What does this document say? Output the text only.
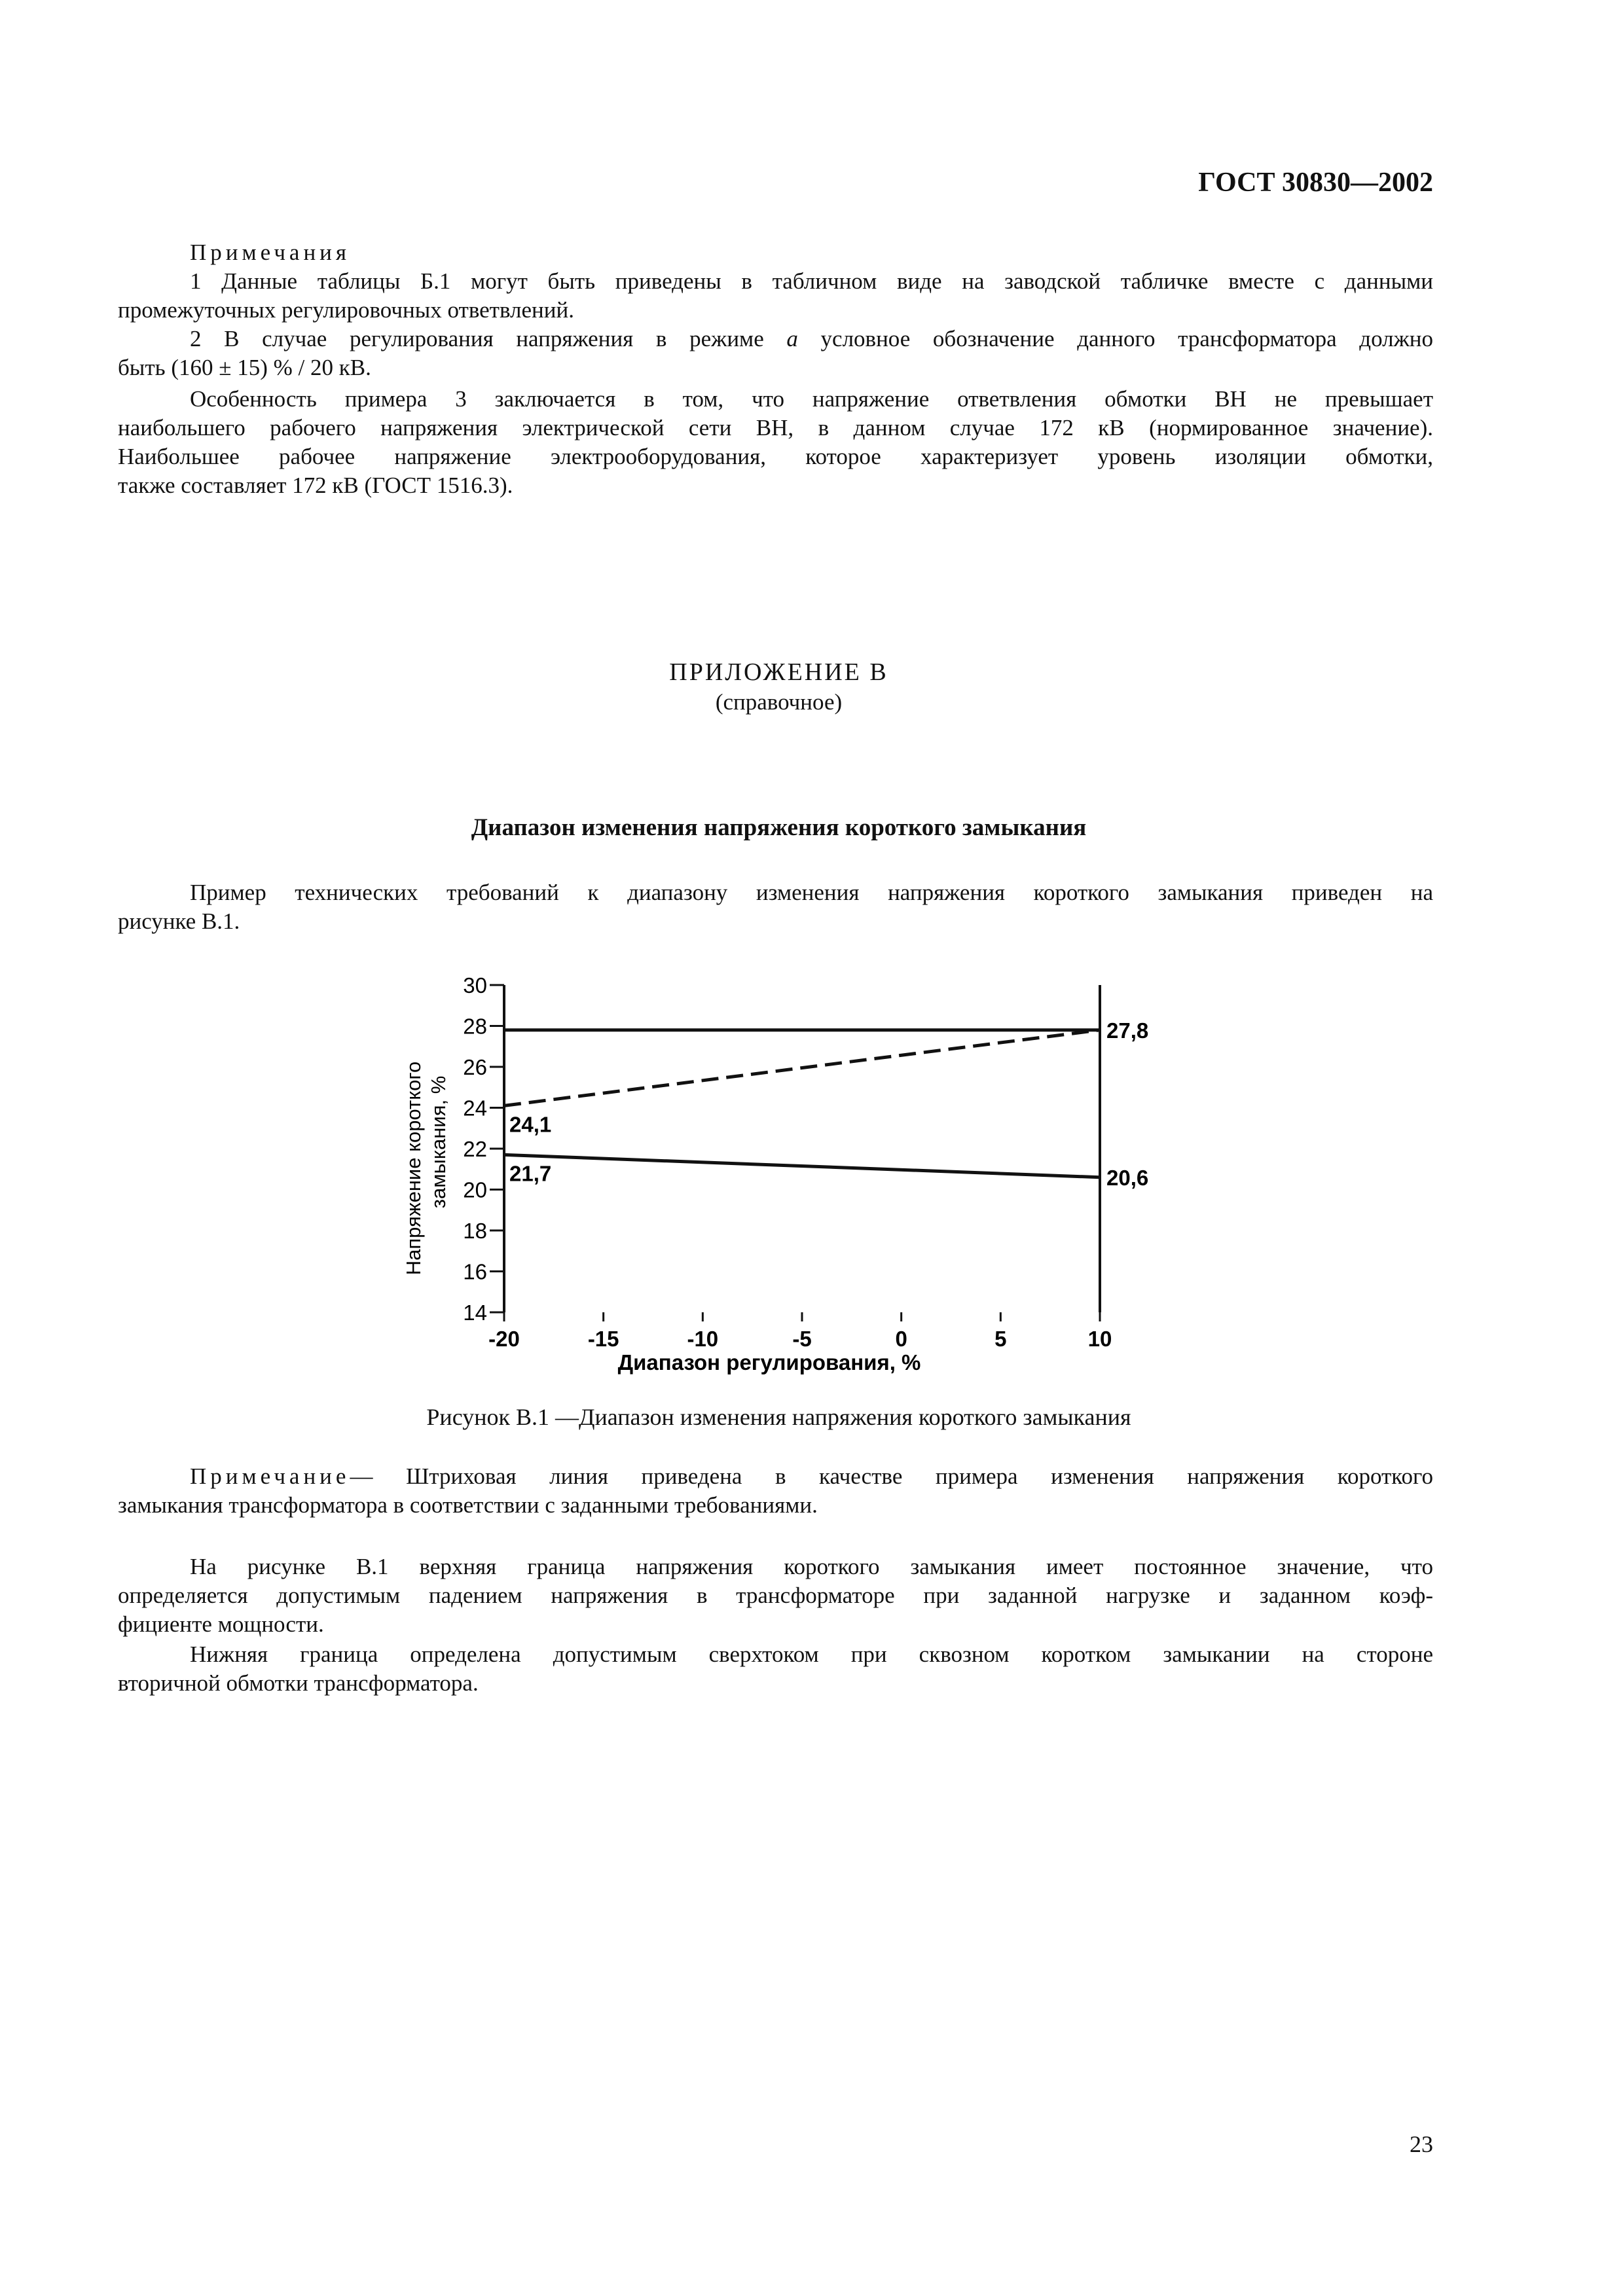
ГОСТ 30830—2002
Примечания
1 Данные таблицы Б.1 могут быть приведены в табличном виде на заводской табличке вместе с данными
промежуточных регулировочных ответвлений.
2 В случае регулирования напряжения в режиме а условное обозначение данного трансформатора должно
быть (160 ± 15) % / 20 кВ.
Особенность примера 3 заключается в том, что напряжение ответвления обмотки ВН не превышает
наибольшего рабочего напряжения электрической сети ВН, в данном случае 172 кВ (нормированное значение).
Наибольшее рабочее напряжение электрооборудования, которое характеризует уровень изоляции обмотки,
также составляет 172 кВ (ГОСТ 1516.3).
ПРИЛОЖЕНИЕ В
(справочное)
Диапазон изменения напряжения короткого замыкания
Пример технических требований к диапазону изменения напряжения короткого замыкания приведен на
рисунке В.1.
14
16
18
20
22
24
26
28
30
-20	-15	-10	-5	0	5	10
Диапазон регулирования, %
Напряжение короткого замыкания, %
27,8
24,1
21,7	20,6
Рисунок В.1 —Диапазон изменения напряжения короткого замыкания
Примечание— Штриховая линия приведена в качестве примера изменения напряжения короткого
замыкания трансформатора в соответствии с заданными требованиями.
На рисунке В.1 верхняя граница напряжения короткого замыкания имеет постоянное значение, что
определяется допустимым падением напряжения в трансформаторе при заданной нагрузке и заданном коэф-
фициенте мощности.
Нижняя граница определена допустимым сверхтоком при сквозном коротком замыкании на стороне
вторичной обмотки трансформатора.
23
